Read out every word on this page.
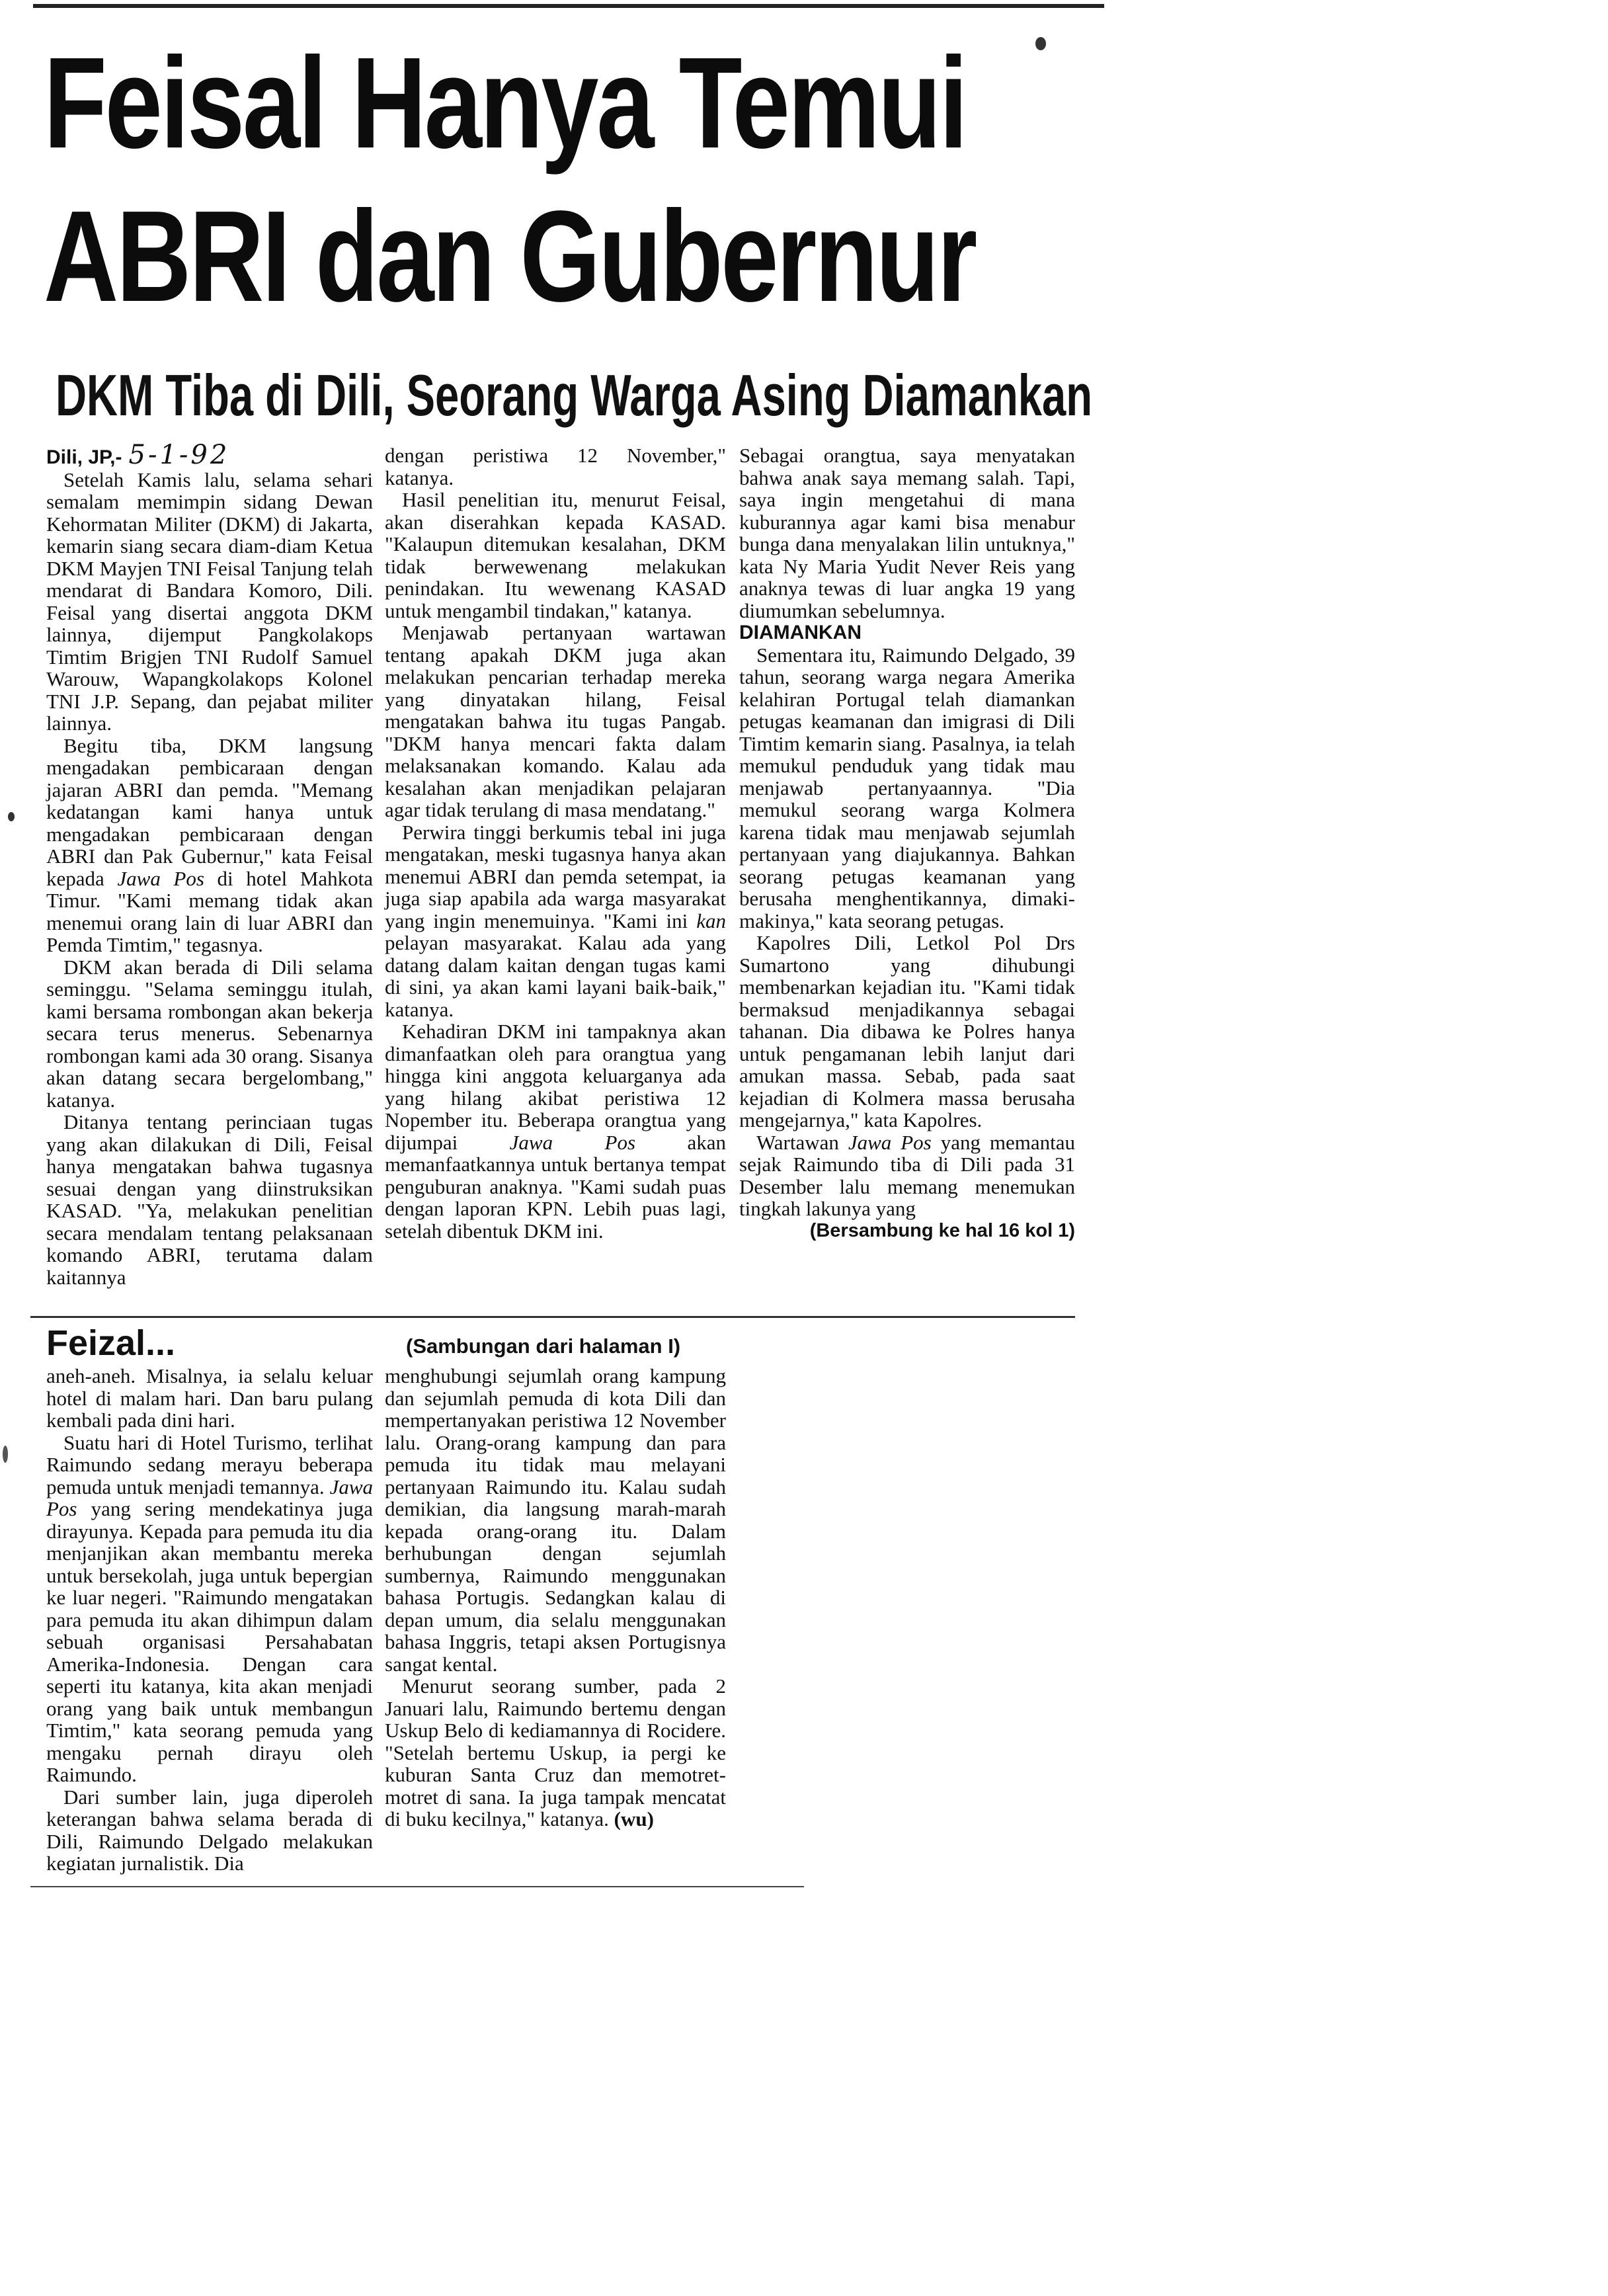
Feisal Hanya Temui
ABRI dan Gubernur
DKM Tiba di Dili, Seorang Warga Asing Diamankan

Dili, JP,- 5-1-92

Setelah Kamis lalu, selama sehari semalam memimpin sidang Dewan Kehormatan Militer (DKM) di Jakarta, kemarin siang secara diam-diam Ketua DKM Mayjen TNI Feisal Tanjung telah mendarat di Bandara Komoro, Dili. Feisal yang disertai anggota DKM lainnya, dijemput Pangkolakops Timtim Brigjen TNI Rudolf Samuel Warouw, Wapangkolakops Kolonel TNI J.P. Sepang, dan pejabat militer lainnya.

Begitu tiba, DKM langsung mengadakan pembicaraan dengan jajaran ABRI dan pemda. "Memang kedatangan kami hanya untuk mengadakan pembicaraan dengan ABRI dan Pak Gubernur," kata Feisal kepada Jawa Pos di hotel Mahkota Timur. "Kami memang tidak akan menemui orang lain di luar ABRI dan Pemda Timtim," tegasnya.

DKM akan berada di Dili selama seminggu. "Selama seminggu itulah, kami bersama rombongan akan bekerja secara terus menerus. Sebenarnya rombongan kami ada 30 orang. Sisanya akan datang secara bergelombang," katanya.

Ditanya tentang perinciaan tugas yang akan dilakukan di Dili, Feisal hanya mengatakan bahwa tugasnya sesuai dengan yang diinstruksikan KASAD. "Ya, melakukan penelitian secara mendalam tentang pelaksanaan komando ABRI, terutama dalam kaitannya

dengan peristiwa 12 November," katanya.

Hasil penelitian itu, menurut Feisal, akan diserahkan kepada KASAD. "Kalaupun ditemukan kesalahan, DKM tidak berwewenang melakukan penindakan. Itu wewenang KASAD untuk mengambil tindakan," katanya.

Menjawab pertanyaan wartawan tentang apakah DKM juga akan melakukan pencarian terhadap mereka yang dinyatakan hilang, Feisal mengatakan bahwa itu tugas Pangab. "DKM hanya mencari fakta dalam melaksanakan komando. Kalau ada kesalahan akan menjadikan pelajaran agar tidak terulang di masa mendatang."

Perwira tinggi berkumis tebal ini juga mengatakan, meski tugasnya hanya akan menemui ABRI dan pemda setempat, ia juga siap apabila ada warga masyarakat yang ingin menemuinya. "Kami ini kan pelayan masyarakat. Kalau ada yang datang dalam kaitan dengan tugas kami di sini, ya akan kami layani baik-baik," katanya.

Kehadiran DKM ini tampaknya akan dimanfaatkan oleh para orangtua yang hingga kini anggota keluarganya ada yang hilang akibat peristiwa 12 Nopember itu. Beberapa orangtua yang dijumpai	Jawa Pos	akan memanfaatkannya untuk bertanya tempat penguburan anaknya. "Kami sudah puas dengan laporan KPN. Lebih puas lagi, setelah dibentuk DKM ini.

Sebagai orangtua, saya menyatakan bahwa anak saya memang salah. Tapi, saya ingin mengetahui di mana kuburannya agar kami bisa menabur bunga dana menyalakan lilin untuknya," kata Ny Maria Yudit Never Reis yang anaknya tewas di luar angka 19 yang diumumkan sebelumnya.

DIAMANKAN

Sementara itu, Raimundo Delgado, 39 tahun, seorang warga negara Amerika kelahiran Portugal telah diamankan petugas keamanan dan imigrasi di Dili Timtim kemarin siang. Pasalnya, ia telah memukul penduduk yang tidak mau menjawab pertanyaannya. "Dia memukul seorang warga Kolmera karena tidak mau menjawab sejumlah pertanyaan yang diajukannya. Bahkan seorang petugas keamanan yang berusaha menghentikannya, dimaki-makinya," kata seorang petugas.

Kapolres Dili, Letkol Pol Drs Sumartono yang dihubungi membenarkan kejadian itu. "Kami tidak bermaksud menjadikannya sebagai tahanan. Dia dibawa ke Polres hanya untuk pengamanan lebih lanjut dari amukan massa. Sebab, pada saat kejadian di Kolmera massa berusaha mengejarnya," kata Kapolres.

Wartawan Jawa Pos yang memantau sejak Raimundo tiba di Dili pada 31 Desember lalu memang menemukan tingkah lakunya yang

(Bersambung ke hal 16 kol 1)

Feizal...	(Sambungan dari halaman I)

aneh-aneh. Misalnya, ia selalu keluar hotel di malam hari. Dan baru pulang kembali pada dini hari.

Suatu hari di Hotel Turismo, terlihat Raimundo sedang merayu beberapa pemuda untuk menjadi temannya. Jawa Pos yang sering mendekatinya juga dirayunya. Kepada para pemuda itu dia menjanjikan akan membantu mereka untuk bersekolah, juga untuk bepergian ke luar negeri. "Raimundo mengatakan para pemuda itu akan dihimpun dalam sebuah organisasi Persahabatan Amerika-Indonesia. Dengan cara seperti itu katanya, kita akan menjadi orang yang baik untuk membangun Timtim," kata seorang pemuda yang mengaku pernah dirayu oleh Raimundo.

Dari sumber lain, juga diperoleh keterangan bahwa selama berada di Dili, Raimundo Delgado melakukan kegiatan jurnalistik. Dia

menghubungi sejumlah orang kampung dan sejumlah pemuda di kota Dili dan mempertanyakan peristiwa 12 November lalu. Orang-orang kampung dan para pemuda itu tidak mau melayani pertanyaan Raimundo itu. Kalau sudah demikian, dia langsung marah-marah kepada orang-orang itu. Dalam berhubungan dengan sejumlah sumbernya, Raimundo menggunakan bahasa Portugis. Sedangkan kalau di depan umum, dia selalu menggunakan bahasa Inggris, tetapi aksen Portugisnya sangat kental.

Menurut seorang sumber, pada 2 Januari lalu, Raimundo bertemu dengan Uskup Belo di kediamannya di Rocidere. "Setelah bertemu Uskup, ia pergi ke kuburan Santa Cruz dan memotret-motret di sana. Ia juga tampak mencatat di buku kecilnya," katanya. (wu)
